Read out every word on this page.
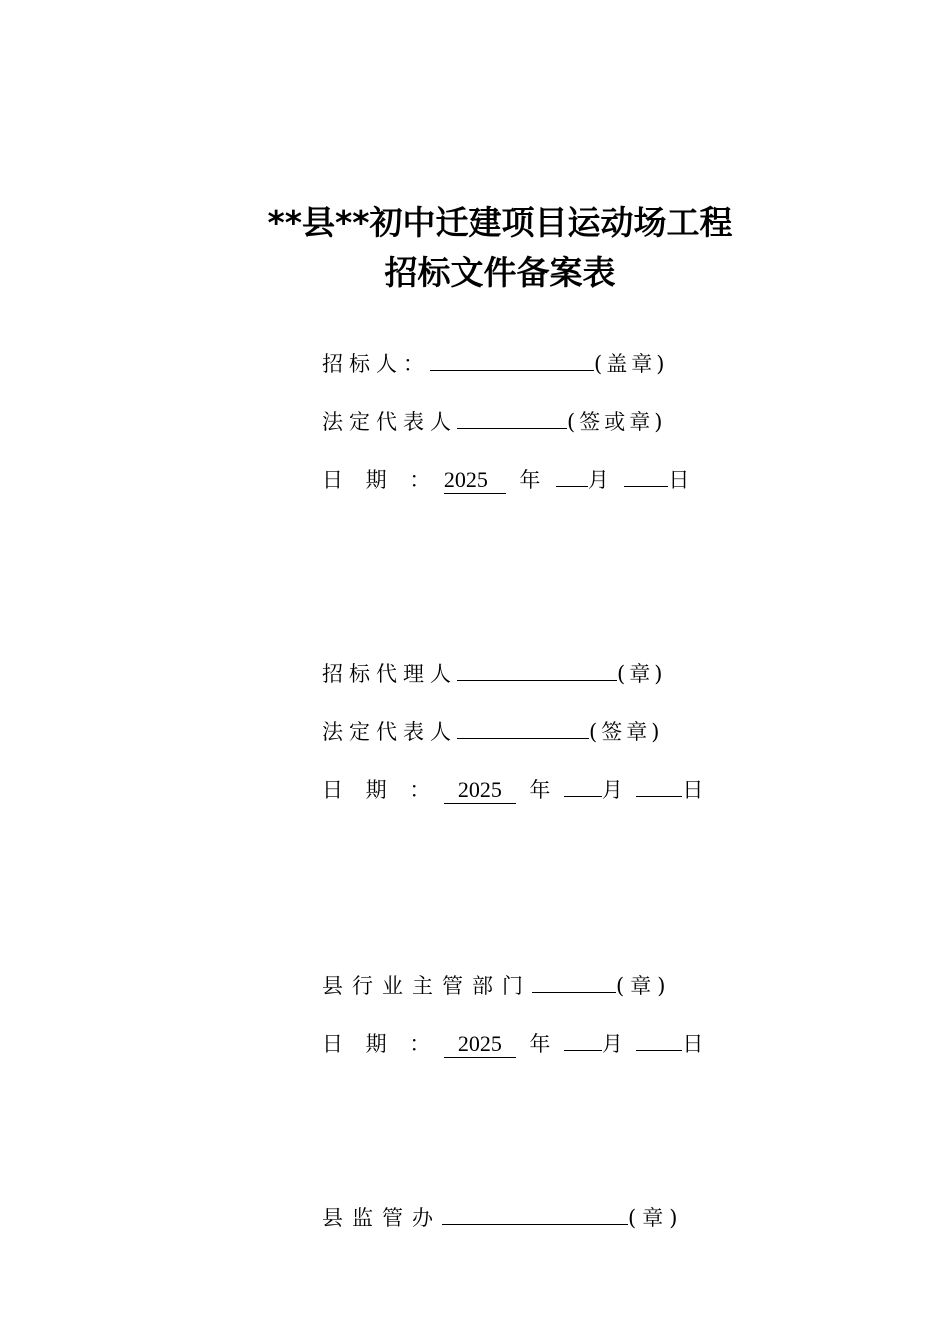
**县**初中迁建项目运动场工程
招标文件备案表
招标人：	(盖章)
法定代表人	(签或章)
日 期 ： 2025 年 月	日
招标代理人	(章)
法定代表人	(签章)
日 期 ： 2025 年 月	日
县行业主管部门	(章)
日 期 ： 2025 年 月	日
县监管办	(章)
